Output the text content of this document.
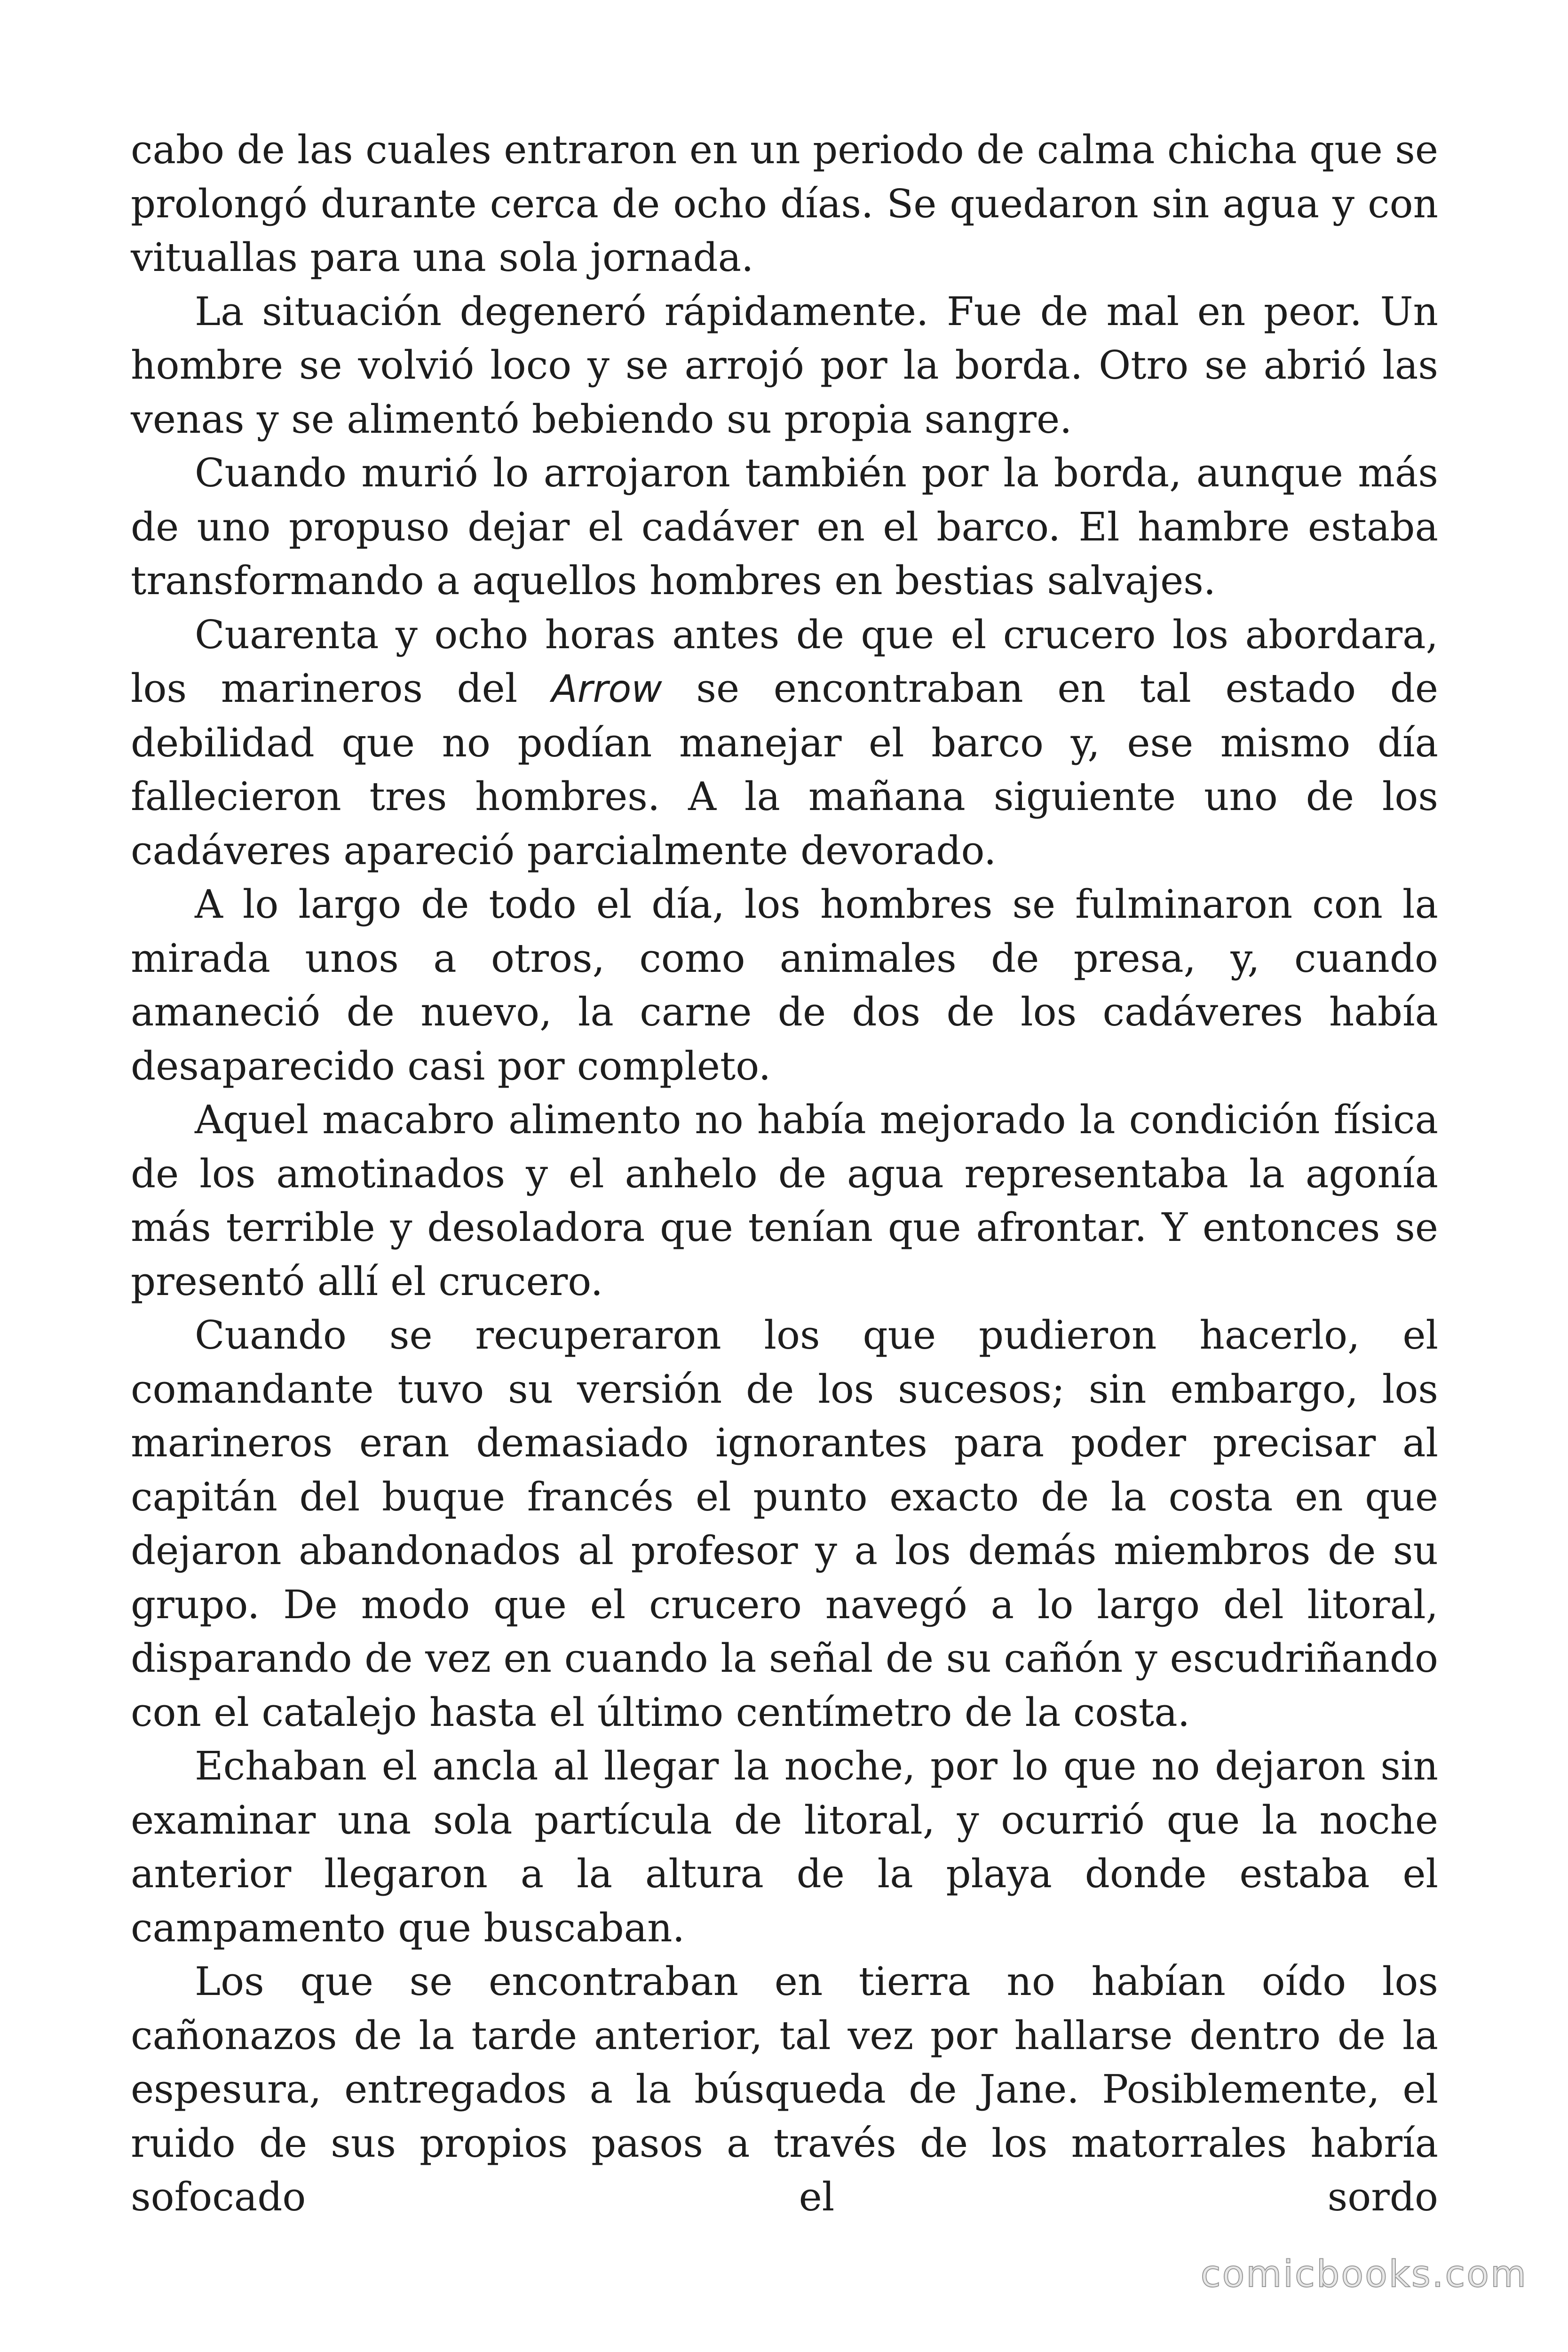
cabo de las cuales entraron en un periodo de calma chicha que se prolongó durante cerca de ocho días. Se quedaron sin agua y con vituallas para una sola jornada.

La situación degeneró rápidamente. Fue de mal en peor. Un hombre se volvió loco y se arrojó por la borda. Otro se abrió las venas y se alimentó bebiendo su propia sangre.

Cuando murió lo arrojaron también por la borda, aunque más de uno propuso dejar el cadáver en el barco. El hambre estaba transformando a aquellos hombres en bestias salvajes.

Cuarenta y ocho horas antes de que el crucero los abordara, los marineros del Arrow se encontraban en tal estado de debilidad que no podían manejar el barco y, ese mismo día fallecieron tres hombres. A la mañana siguiente uno de los cadáveres apareció parcialmente devorado.

A lo largo de todo el día, los hombres se fulminaron con la mirada unos a otros, como animales de presa, y, cuando amaneció de nuevo, la carne de dos de los cadáveres había desaparecido casi por completo.

Aquel macabro alimento no había mejorado la condición física de los amotinados y el anhelo de agua representaba la agonía más terrible y desoladora que tenían que afrontar. Y entonces se presentó allí el crucero.

Cuando se recuperaron los que pudieron hacerlo, el comandante tuvo su versión de los sucesos; sin embargo, los marineros eran demasiado ignorantes para poder precisar al capitán del buque francés el punto exacto de la costa en que dejaron abandonados al profesor y a los demás miembros de su grupo. De modo que el crucero navegó a lo largo del litoral, disparando de vez en cuando la señal de su cañón y escudriñando con el catalejo hasta el último centímetro de la costa.

Echaban el ancla al llegar la noche, por lo que no dejaron sin examinar una sola partícula de litoral, y ocurrió que la noche anterior llegaron a la altura de la playa donde estaba el campamento que buscaban.

Los que se encontraban en tierra no habían oído los cañonazos de la tarde anterior, tal vez por hallarse dentro de la espesura, entregados a la búsqueda de Jane. Posiblemente, el ruido de sus propios pasos a través de los matorrales habría sofocado el sordo

comicbooks.com
